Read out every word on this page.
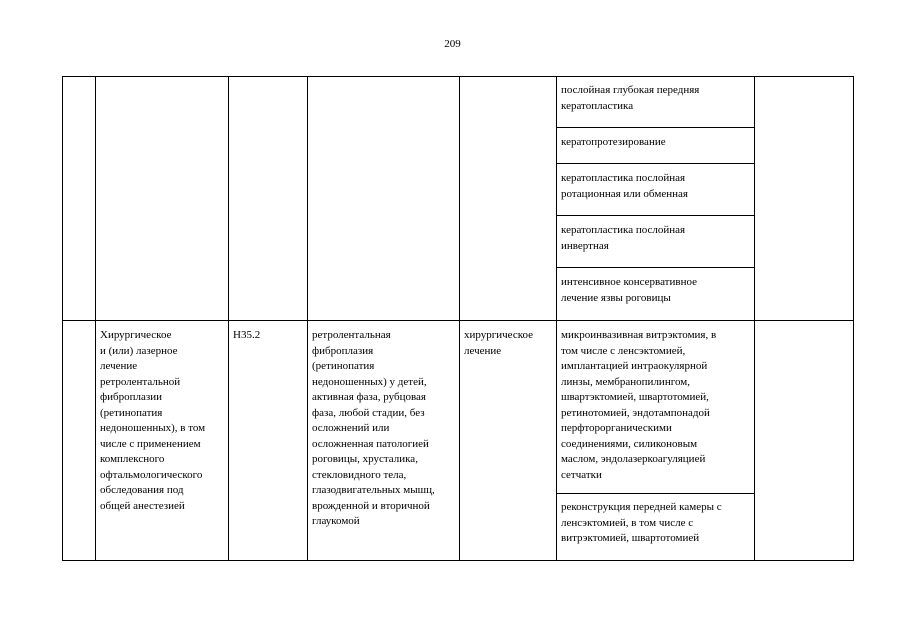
209
послойная глубокая передняя
кератопластика
кератопротезирование
кератопластика послойная
ротационная или обменная
кератопластика послойная
инвертная
интенсивное консервативное
лечение язвы роговицы
Хирургическое
и (или) лазерное
лечение
ретролентальной
фиброплазии
(ретинопатия
недоношенных), в том
числе с применением
комплексного
офтальмологического
обследования под
общей анестезией
H35.2	ретролентальная
фиброплазия
(ретинопатия
недоношенных) у детей,
активная фаза, рубцовая
фаза, любой стадии, без
осложнений или
осложненная патологией
роговицы, хрусталика,
стекловидного тела,
глазодвигательных мышц,
врожденной и вторичной
глаукомой
хирургическое
лечение
микроинвазивная витрэктомия, в
том числе с ленсэктомией,
имплантацией интраокулярной
линзы, мембранопилингом,
швартэктомией, швартотомией,
ретинотомией, эндотампонадой
перфторорганическими
соединениями, силиконовым
маслом, эндолазеркоагуляцией
сетчатки
реконструкция передней камеры с
ленсэктомией, в том числе с
витрэктомией, швартотомией
